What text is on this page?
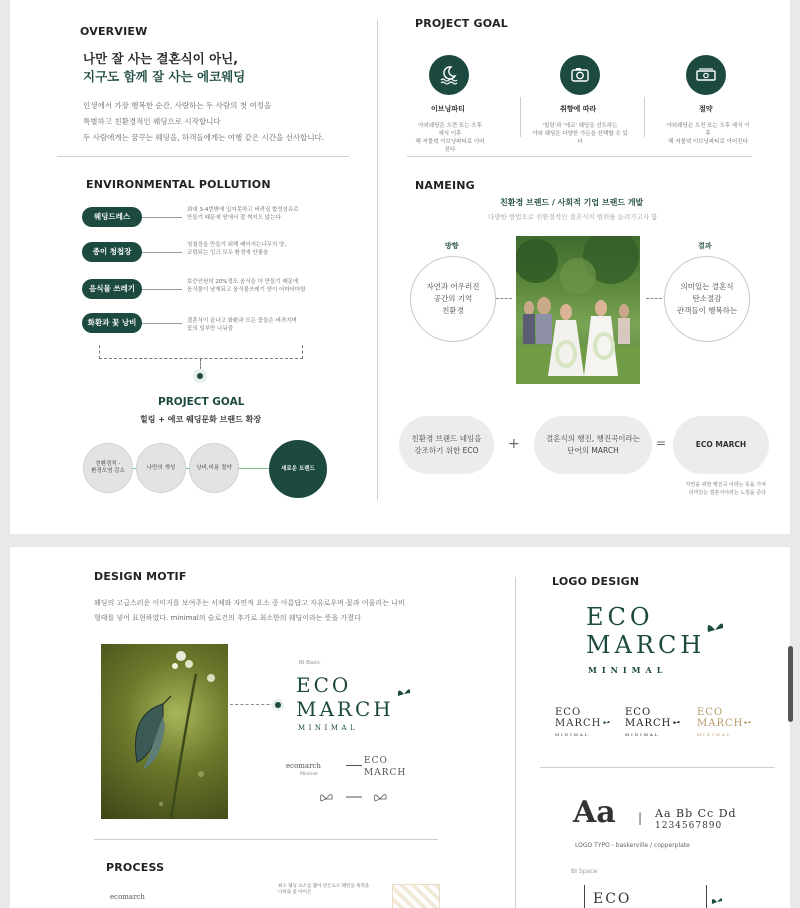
OVERVIEW
나만 잘 사는 결혼식이 아닌,
지구도 함께 잘 사는 에코웨딩
인생에서 가장 행복한 순간, 사랑하는 두 사람의 첫 여정을
특별하고 친환경적인 웨딩으로 시작합니다
두 사람에게는 꿈꾸는 웨딩을, 하객들에게는 여행 같은 시간을 선사합니다.
ENVIRONMENTAL POLLUTION
웨딩드레스
최대 3-4번밖에 입지못하고 버려짐 합성섬유로
만들기 때문에 땅에서 잘 썩지도 않는다
종이 청첩장
청첩장을 만들기 위해 베어지는나무의 양,
코팅되는 잉크 모두 환경에 안좋음
음식물 쓰레기
보증인원의 20%정도 음식을 더 만들기 때문에
음식물이 남게되고 음식물쓰레기 양이 어마어마함
화환과 꽃 낭비	결혼식이 끝나고 화환과 모든 꽃들은 버려지며
꽃의 일부만 나눠줌
PROJECT GOAL
힐링 + 에코 웨딩문화 브랜드 확장
친환경적 -
환경오염 감소
나만의 개성	낭비,비용 절약	새로운 트렌드
PROJECT GOAL
이브닝파티
야외웨딩은 오전 또는 오후 예식 이후
해 저물녘 이브닝파티로 이어진다
취향에 따라
'힐링'과 '에코' 웨딩을 선도하는
야외 웨딩은 다양한 가든을 선택할 수 있다
절약
야외웨딩은 오전 또는 오후 예식 이후
해 저물녘 이브닝파티로 이어진다
NAMEING
친환경 브랜드 / 사회적 기업 브랜드 개발
다양한 방법으로 친환경적인 결혼식의 범위를 늘려가고자 함
방향	결과
자연과 어우러진
공간의 기억
친환경
의미있는 결혼식
탄소절감
관객들이 행복하는
친환경 브랜드 네임을
강조하기 위한 ECO +	결혼식의 행진, 행진곡이라는
단어의 MARCH
=	ECO MARCH
자연을 위한 행진곡 이라는 뜻을 가져
의미있는 결혼식이라는 느낌을 준다
DESIGN MOTIF
웨딩의 고급스러운 이미지를 보여주는 서체와 자연적 요소 중 아름답고 자유로우며 꽃과 어울리는 나비
형태를 넣어 표현하였다. minimal의 슬로건의 추가로 최소한의 웨딩이라는 뜻을 가졌다
BI Basic
ECO
MARCH
MINIMAL
ecomarch
Minimal
ECO
MARCH
PROCESS
ecomarch
최소 웨딩 요소를 뽑아 만든요소 패턴을 목적을
나비와 꽃 아이콘
LOGO DESIGN
ECO
MARCH
MINIMAL
ECO
MARCH
MINIMAL
ECO
MARCH
MINIMAL
ECO
MARCH
MINIMAL
Aa | Aa Bb Cc Dd
1234567890
LOGO TYPO - baskerville / copperplate
BI Space
ECO
